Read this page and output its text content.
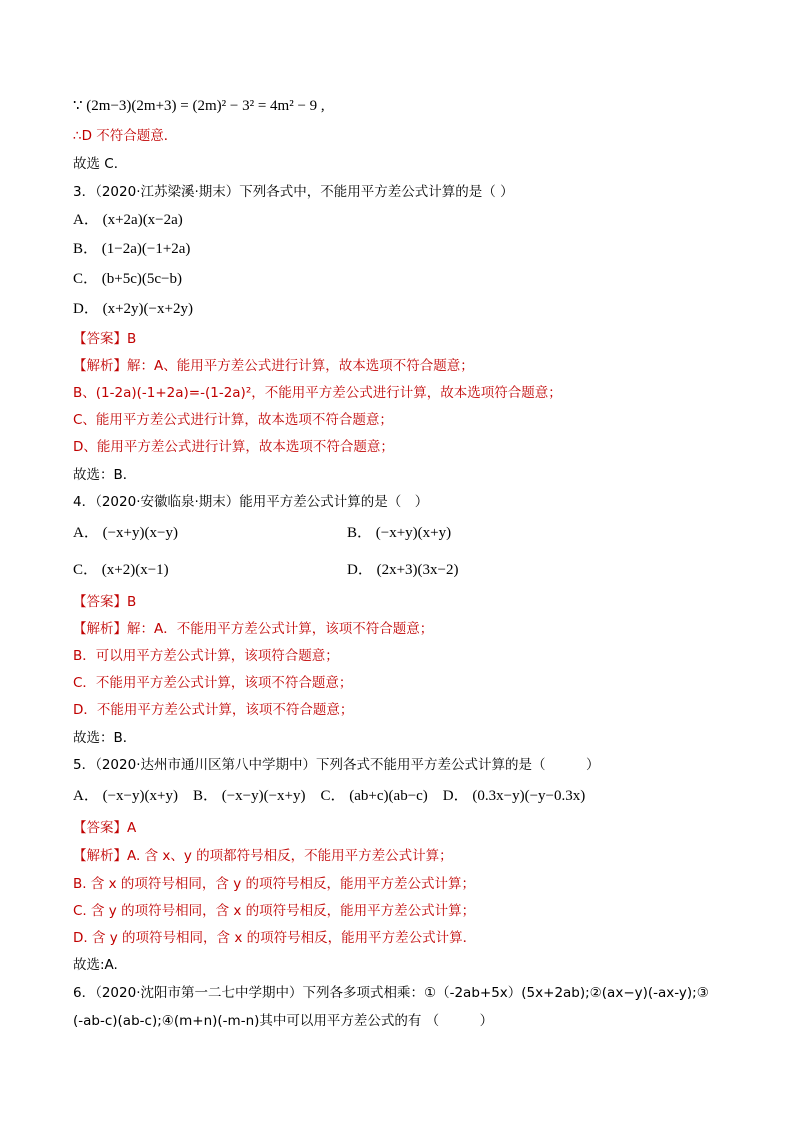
∵ (2m−3)(2m+3) = (2m)² − 3² = 4m² − 9 ,
∴D 不符合题意．
故选 C．
3．（2020·江苏梁溪·期末）下列各式中，不能用平方差公式计算的是（ ）
A． (x+2a)(x−2a)
B． (1−2a)(−1+2a)
C． (b+5c)(5c−b)
D． (x+2y)(−x+2y)
【答案】B
【解析】解：A、能用平方差公式进行计算，故本选项不符合题意；
B、(1-2a)(-1+2a)=-(1-2a)²，不能用平方差公式进行计算，故本选项符合题意；
C、能用平方差公式进行计算，故本选项不符合题意；
D、能用平方差公式进行计算，故本选项不符合题意；
故选：B．
4．（2020·安徽临泉·期末）能用平方差公式计算的是（　）
A． (−x+y)(x−y)	B． (−x+y)(x+y)
C． (x+2)(x−1)	D． (2x+3)(3x−2)
【答案】B
【解析】解：A．不能用平方差公式计算，该项不符合题意；
B．可以用平方差公式计算，该项符合题意；
C．不能用平方差公式计算，该项不符合题意；
D．不能用平方差公式计算，该项不符合题意；
故选：B．
5．（2020·达州市通川区第八中学期中）下列各式不能用平方差公式计算的是（　　　）
A． (−x−y)(x+y)　B． (−x−y)(−x+y)　C． (ab+c)(ab−c)　D． (0.3x−y)(−y−0.3x)
【答案】A
【解析】A. 含 x、y 的项都符号相反，不能用平方差公式计算；
B. 含 x 的项符号相同，含 y 的项符号相反，能用平方差公式计算；
C. 含 y 的项符号相同，含 x 的项符号相反，能用平方差公式计算；
D. 含 y 的项符号相同，含 x 的项符号相反，能用平方差公式计算．
故选:A.
6．（2020·沈阳市第一二七中学期中）下列各多项式相乘：①（-2ab+5x）(5x+2ab);②(ax−y)(-ax-y);③
(-ab-c)(ab-c);④(m+n)(-m-n)其中可以用平方差公式的有 （　　　）
